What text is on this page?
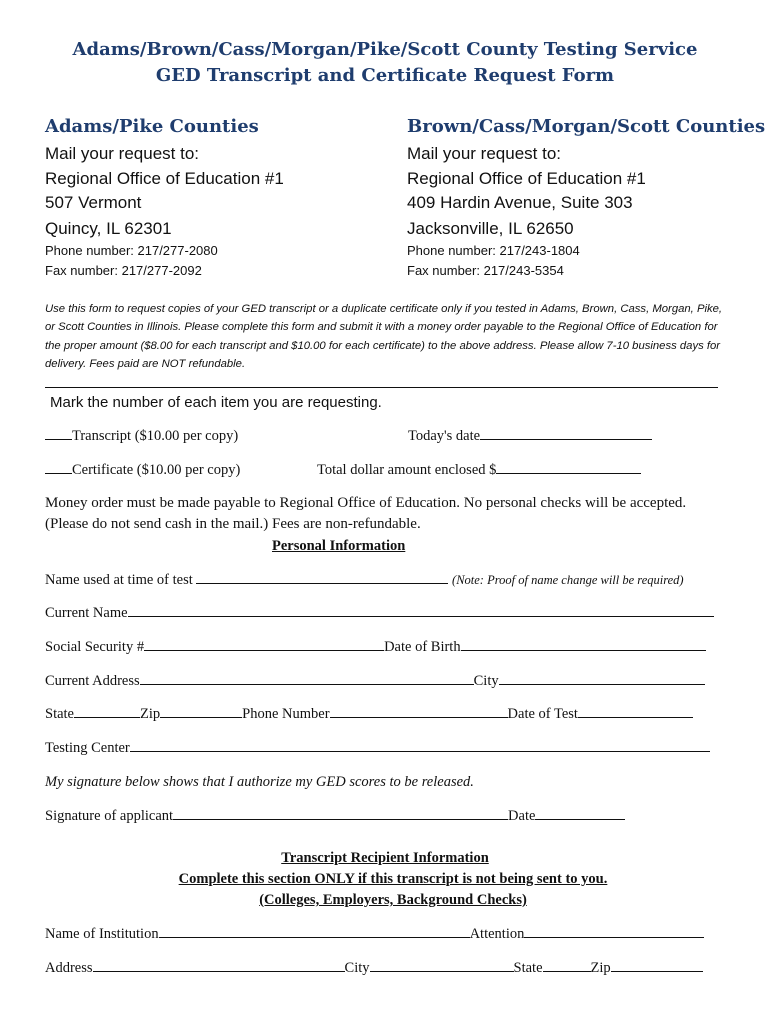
Adams/Brown/Cass/Morgan/Pike/Scott County Testing Service
GED Transcript and Certificate Request Form
Adams/Pike Counties
Mail your request to:
Regional Office of Education #1
507 Vermont
Quincy, IL 62301
Phone number: 217/277-2080
Fax number: 217/277-2092
Brown/Cass/Morgan/Scott Counties
Mail your request to:
Regional Office of Education #1
409 Hardin Avenue, Suite 303
Jacksonville, IL 62650
Phone number: 217/243-1804
Fax number: 217/243-5354
Use this form to request copies of your GED transcript or a duplicate certificate only if you tested in Adams, Brown, Cass, Morgan, Pike, or Scott Counties in Illinois. Please complete this form and submit it with a money order payable to the Regional Office of Education for the proper amount ($8.00 for each transcript and $10.00 for each certificate) to the above address. Please allow 7-10 business days for delivery. Fees paid are NOT refundable.
Mark the number of each item you are requesting.
Transcript ($10.00 per copy)	Today's date
Certificate ($10.00 per copy)	Total dollar amount enclosed $
Money order must be made payable to Regional Office of Education. No personal checks will be accepted.
(Please do not send cash in the mail.) Fees are non-refundable.
Personal Information
Name used at time of test	(Note: Proof of name change will be required)
Current Name
Social Security #	Date of Birth
Current Address	City
State	Zip	Phone Number	Date of Test
Testing Center
My signature below shows that I authorize my GED scores to be released.
Signature of applicant	Date
Transcript Recipient Information
Complete this section ONLY if this transcript is not being sent to you.
(Colleges, Employers, Background Checks)
Name of Institution	Attention
Address	City	State	Zip
